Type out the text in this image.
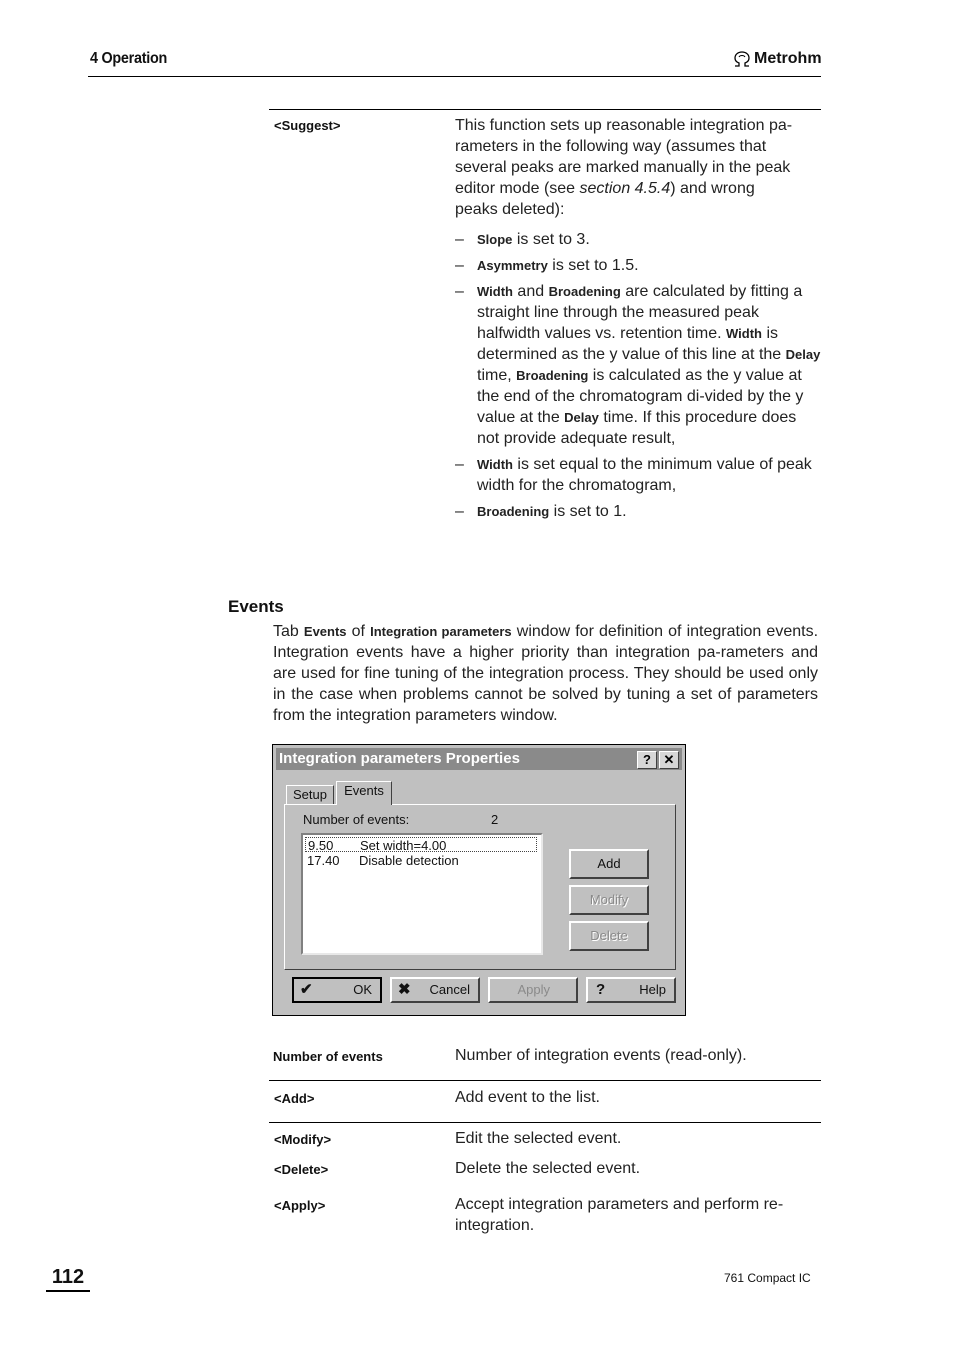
4 Operation	Metrohm
<Suggest>	This function sets up reasonable integration pa-
rameters in the following way (assumes that
several peaks are marked manually in the peak
editor mode (see section 4.5.4) and wrong
peaks deleted):
– Slope is set to 3.
– Asymmetry is set to 1.5.
– Width and Broadening are calculated by fitting a straight line through the measured peak halfwidth values vs. retention time. Width is determined as the y value of this line at the Delay time, Broadening is calculated as the y value at the end of the chromatogram di-vided by the y value at the Delay time. If this procedure does not provide adequate result,
– Width is set equal to the minimum value of peak width for the chromatogram,
– Broadening is set to 1.
Events
Tab Events of Integration parameters window for definition of integration events. Integration events have a higher priority than integration pa-rameters and are used for fine tuning of the integration process. They should be used only in the case when problems cannot be solved by tuning a set of parameters from the integration parameters window.
Integration parameters Properties	? ✕
Setup	Events
Number of events:	2
9.50 Set width=4.00
17.40 Disable detection	Add
Modify
Delete
✔	OK ✖ Cancel	Apply	?	Help
Number of events	Number of integration events (read-only).
<Add>	Add event to the list.
<Modify>	Edit the selected event.
<Delete>	Delete the selected event.
<Apply>	Accept integration parameters and perform re-integration.
112	761 Compact IC
